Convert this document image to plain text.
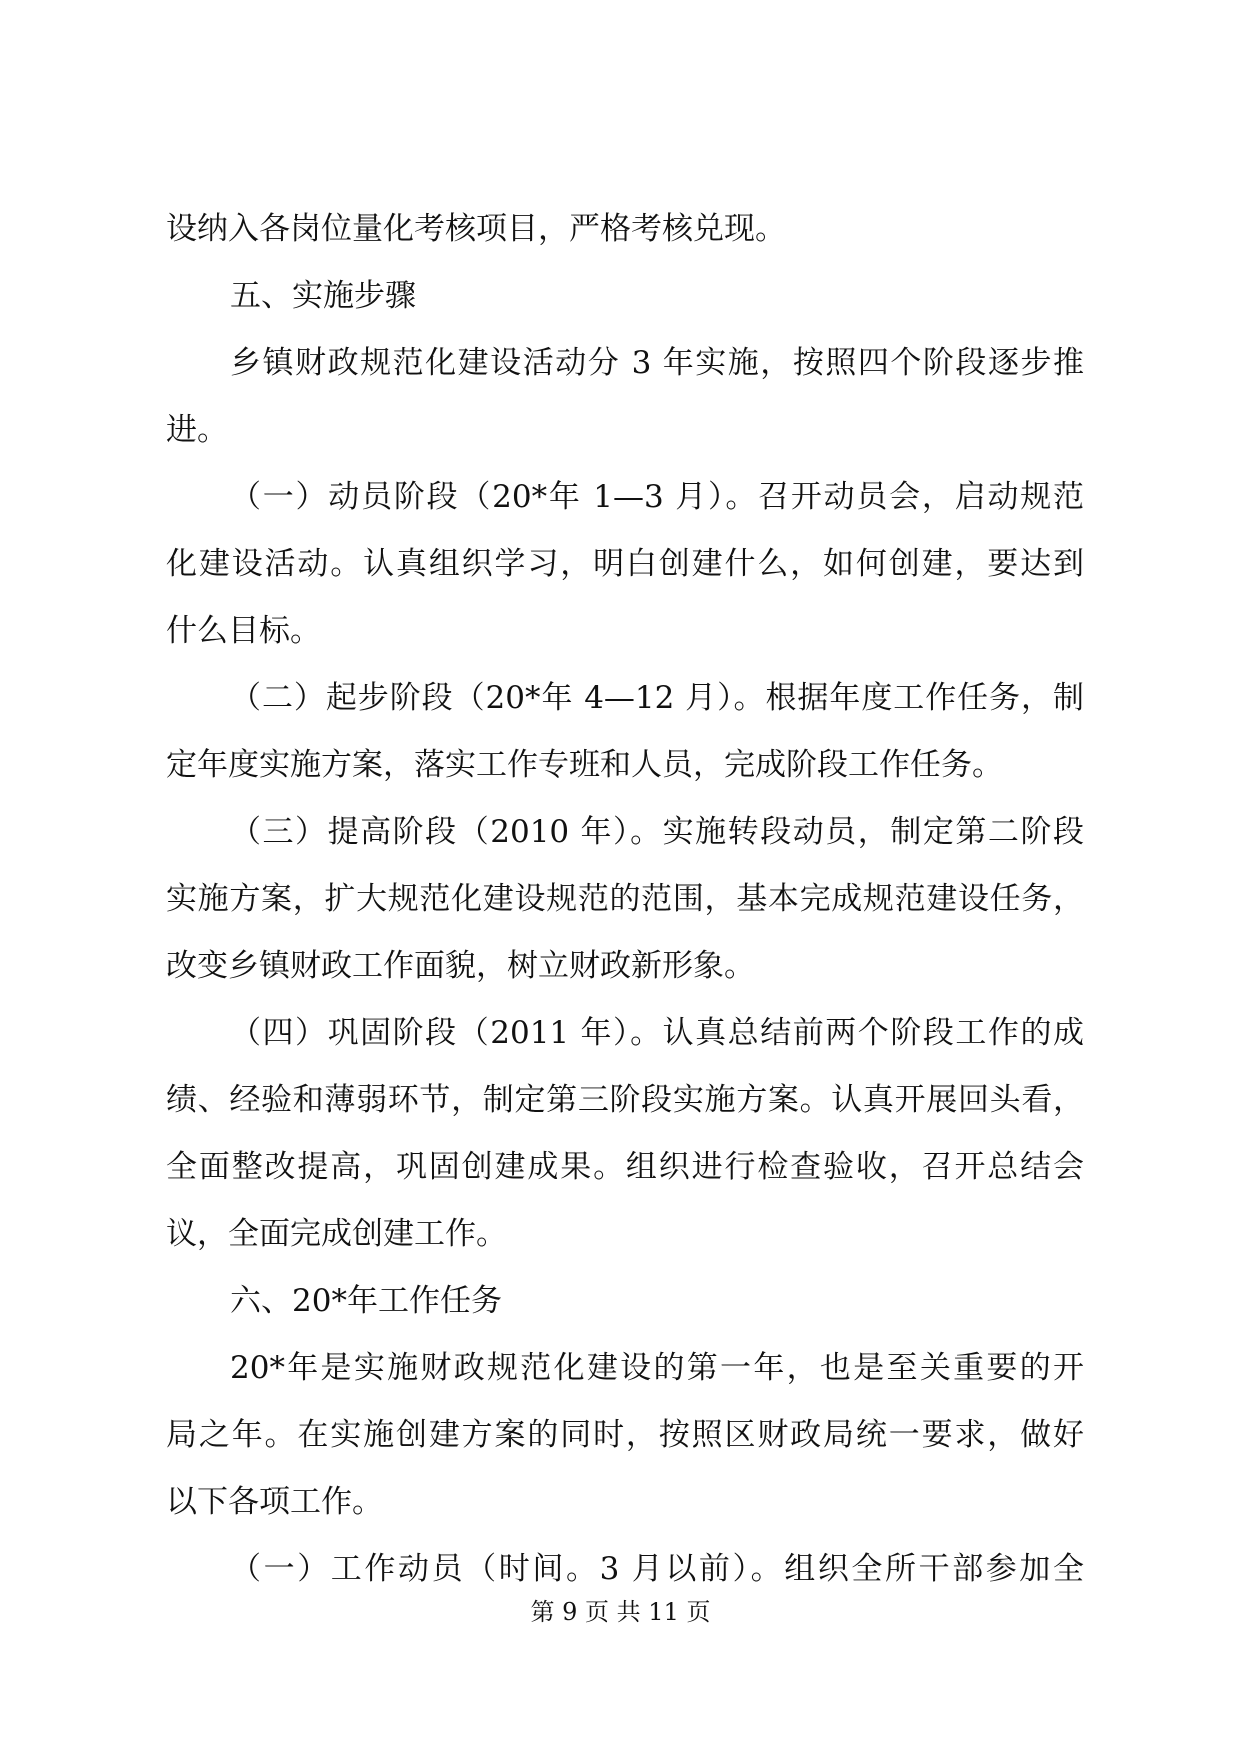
设纳入各岗位量化考核项目，严格考核兑现。
五、实施步骤
乡镇财政规范化建设活动分 3 年实施，按照四个阶段逐步推
进。
（一）动员阶段（20*年 1—3 月）。召开动员会，启动规范
化建设活动。认真组织学习，明白创建什么，如何创建，要达到
什么目标。
（二）起步阶段（20*年 4—12 月）。根据年度工作任务，制
定年度实施方案，落实工作专班和人员，完成阶段工作任务。
（三）提高阶段（2010 年）。实施转段动员，制定第二阶段
实施方案，扩大规范化建设规范的范围，基本完成规范建设任务，
改变乡镇财政工作面貌，树立财政新形象。
（四）巩固阶段（2011 年）。认真总结前两个阶段工作的成
绩、经验和薄弱环节，制定第三阶段实施方案。认真开展回头看，
全面整改提高，巩固创建成果。组织进行检查验收，召开总结会
议，全面完成创建工作。
六、20*年工作任务
20*年是实施财政规范化建设的第一年，也是至关重要的开
局之年。在实施创建方案的同时，按照区财政局统一要求，做好
以下各项工作。
（一）工作动员（时间。3 月以前）。组织全所干部参加全
第 9 页 共 11 页
